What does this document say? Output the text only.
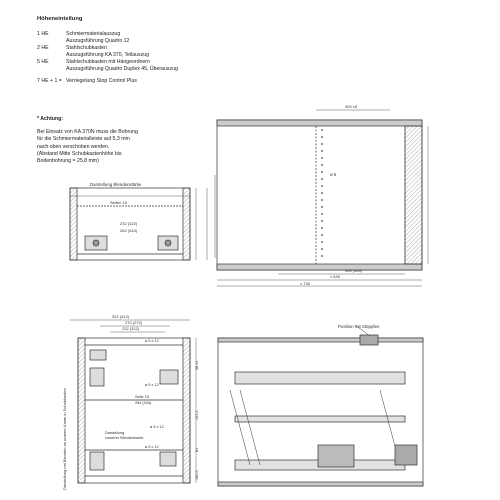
Höheneinteilung
1 HE	Schmiermaterialauszug
Auszugsführung Quadro 12
2 HE	Stahlschubkasten
Auszugsführung KA 370, Teilauszug
5 HE	Stahlschubkasten mit Hängeordnern
Auszugsführung Quadro Duplex 45, Überauszug
7 HE + 1 = Verriegelung Stop Control Plus
* Achtung:
Bei Einsatz von KA 370N muss die Bohrung
für die Schmiermaterialleiste auf 5,3 mm
nach oben verschoben werden.
(Abstand Mitte Schubkastenhöhe bis
Bodenbohrung = 25,8 mm)
Darstellung Blendenstärke
Seiten 15
232 (322)
264 (344)
ø 5
300 ±8
≈ 730
≈ 640
350 (460)
322 (412)
270 (270)
232 (322)
ø 5 x 12
ø 5 x 12
ø 5 x 12
ø 5 x 12
Seite 15
264 (344)
Darstellung
vorderer Blendenkante
58 ±1
101,2
81
182,5
Darstellung mit Blenden an unterer Kante in Schubkasten
Position mit Stöppfen
